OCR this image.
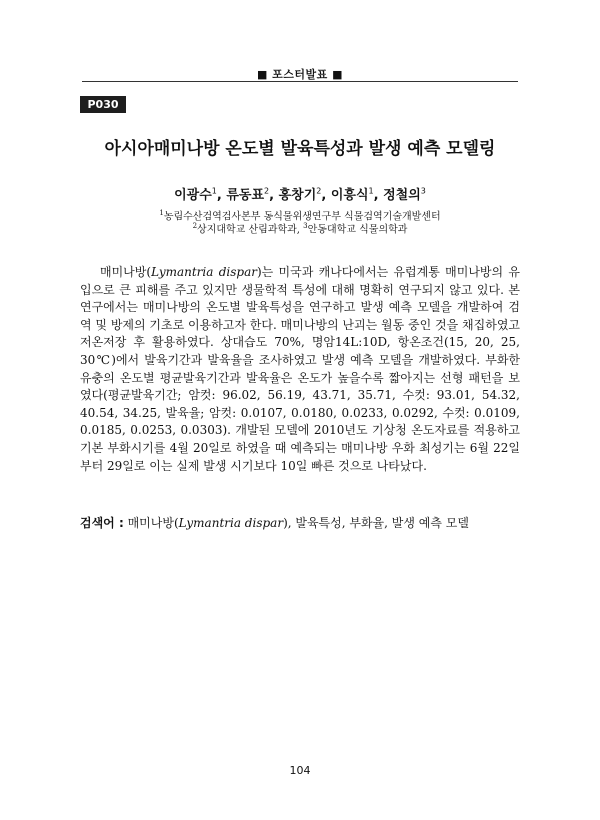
■ 포스터발표 ■
P030
아시아매미나방 온도별 발육특성과 발생 예측 모델링
이광수$^1$, 류동표$^2$, 홍창기$^2$, 이흥식$^1$, 정철의$^3$
$^1$농림수산검역검사본부 동식물위생연구부 식물검역기술개발센터
$^2$상지대학교 산림과학과, $^3$안동대학교 식물의학과

매미나방(Lymantria dispar)는 미국과 캐나다에서는 유럽계통 매미나방의 유입으로 큰 피해를 주고 있지만 생물학적 특성에 대해 명확히 연구되지 않고 있다. 본 연구에서는 매미나방의 온도별 발육특성을 연구하고 발생 예측 모델을 개발하여 검역 및 방제의 기초로 이용하고자 한다. 매미나방의 난괴는 월동 중인 것을 채집하였고 저온저장 후 활용하였다. 상대습도 70%, 명암14L:10D, 항온조건(15, 20, 25, 30℃)에서 발육기간과 발육율을 조사하였고 발생 예측 모델을 개발하였다. 부화한 유충의 온도별 평균발육기간과 발육율은 온도가 높을수록 짧아지는 선형 패턴을 보였다(평균발육기간; 암컷: 96.02, 56.19, 43.71, 35.71, 수컷: 93.01, 54.32, 40.54, 34.25, 발육율; 암컷: 0.0107, 0.0180, 0.0233, 0.0292, 수컷: 0.0109, 0.0185, 0.0253, 0.0303). 개발된 모델에 2010년도 기상청 온도자료를 적용하고 기본 부화시기를 4월 20일로 하였을 때 예측되는 매미나방 우화 최성기는 6월 22일부터 29일로 이는 실제 발생 시기보다 10일 빠른 것으로 나타났다.

검색어 : 매미나방(Lymantria dispar), 발육특성, 부화율, 발생 예측 모델
104
